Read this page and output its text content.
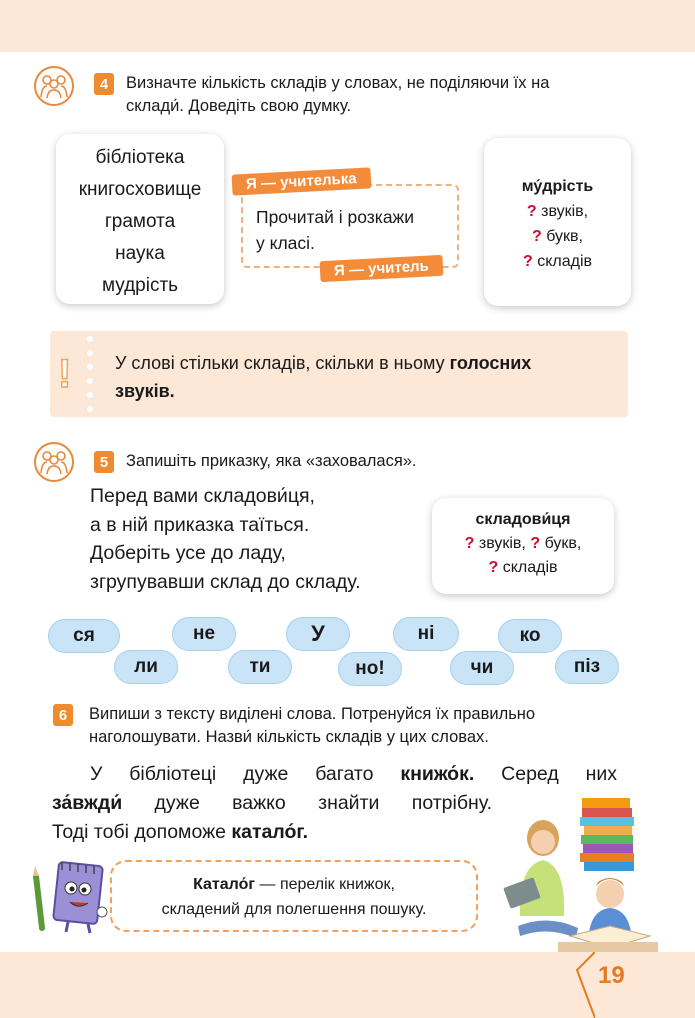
19
4	Визначте кількість складів у словах, не поділяючи їх на
склади́. Доведіть свою думку.
бібліотека
книгосховище
грамота
наука
мудрість
Прочитай і розкажи
у класі.
Я — учителька
Я — учитель
му́дрість
? звуків,
? букв,
? складів
! У слові стільки складів, скільки в ньому голосних
звуків.
5	Запишіть приказку, яка «заховалася».
Перед вами складови́ця,
а в ній приказка таїться.
Доберіть усе до ладу,
згрупувавши склад до складу.
складови́ця
? звуків, ? букв,
? складів
ся	не	У	ні	ко
ли	ти	но!	чи	піз
6	Випиши з тексту виділені слова. Потренуйся їх правильно
наголошувати. Назви́ кількість складів у цих словах.
У бібліотеці дуже багато книжо́к. Серед них
за́вжди́ дуже важко знайти потрібну.
Тоді тобі допоможе катало́г.
Катало́г — перелік книжок,
складений для полегшення пошуку.
